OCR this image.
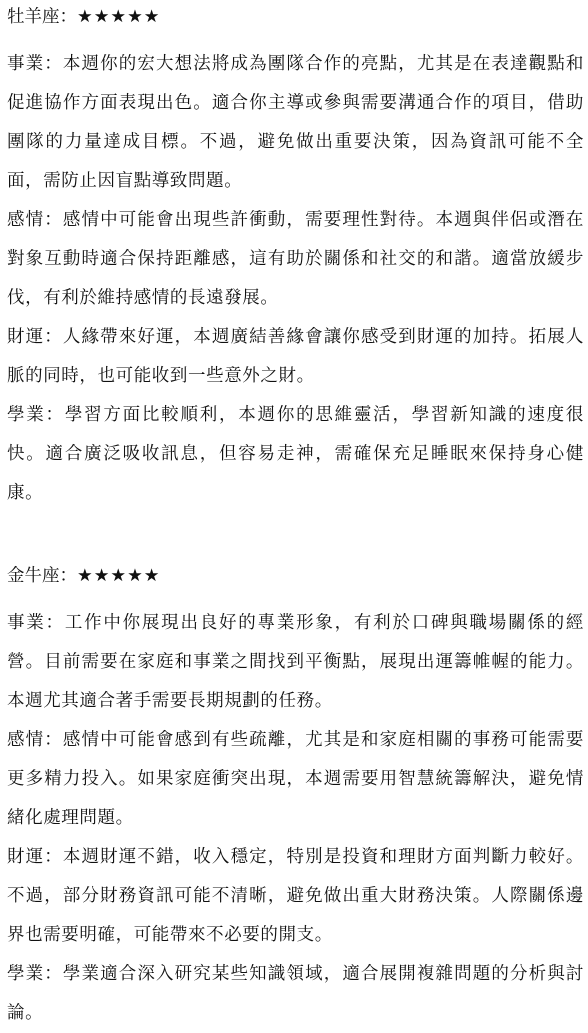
牡羊座：★★★★★

事業：本週你的宏大想法將成為團隊合作的亮點，尤其是在表達觀點和促進協作方面表現出色。適合你主導或參與需要溝通合作的項目，借助團隊的力量達成目標。不過，避免做出重要決策，因為資訊可能不全面，需防止因盲點導致問題。

感情：感情中可能會出現些許衝動，需要理性對待。本週與伴侶或潛在對象互動時適合保持距離感，這有助於關係和社交的和諧。適當放緩步伐，有利於維持感情的長遠發展。

財運：人緣帶來好運，本週廣結善緣會讓你感受到財運的加持。拓展人脈的同時，也可能收到一些意外之財。

學業：學習方面比較順利，本週你的思維靈活，學習新知識的速度很快。適合廣泛吸收訊息，但容易走神，需確保充足睡眠來保持身心健康。

金牛座：★★★★★

事業：工作中你展現出良好的專業形象，有利於口碑與職場關係的經營。目前需要在家庭和事業之間找到平衡點，展現出運籌帷幄的能力。本週尤其適合著手需要長期規劃的任務。

感情：感情中可能會感到有些疏離，尤其是和家庭相關的事務可能需要更多精力投入。如果家庭衝突出現，本週需要用智慧統籌解決，避免情緒化處理問題。

財運：本週財運不錯，收入穩定，特別是投資和理財方面判斷力較好。不過，部分財務資訊可能不清晰，避免做出重大財務決策。人際關係邊界也需要明確，可能帶來不必要的開支。

學業：學業適合深入研究某些知識領域，適合展開複雜問題的分析與討論。
